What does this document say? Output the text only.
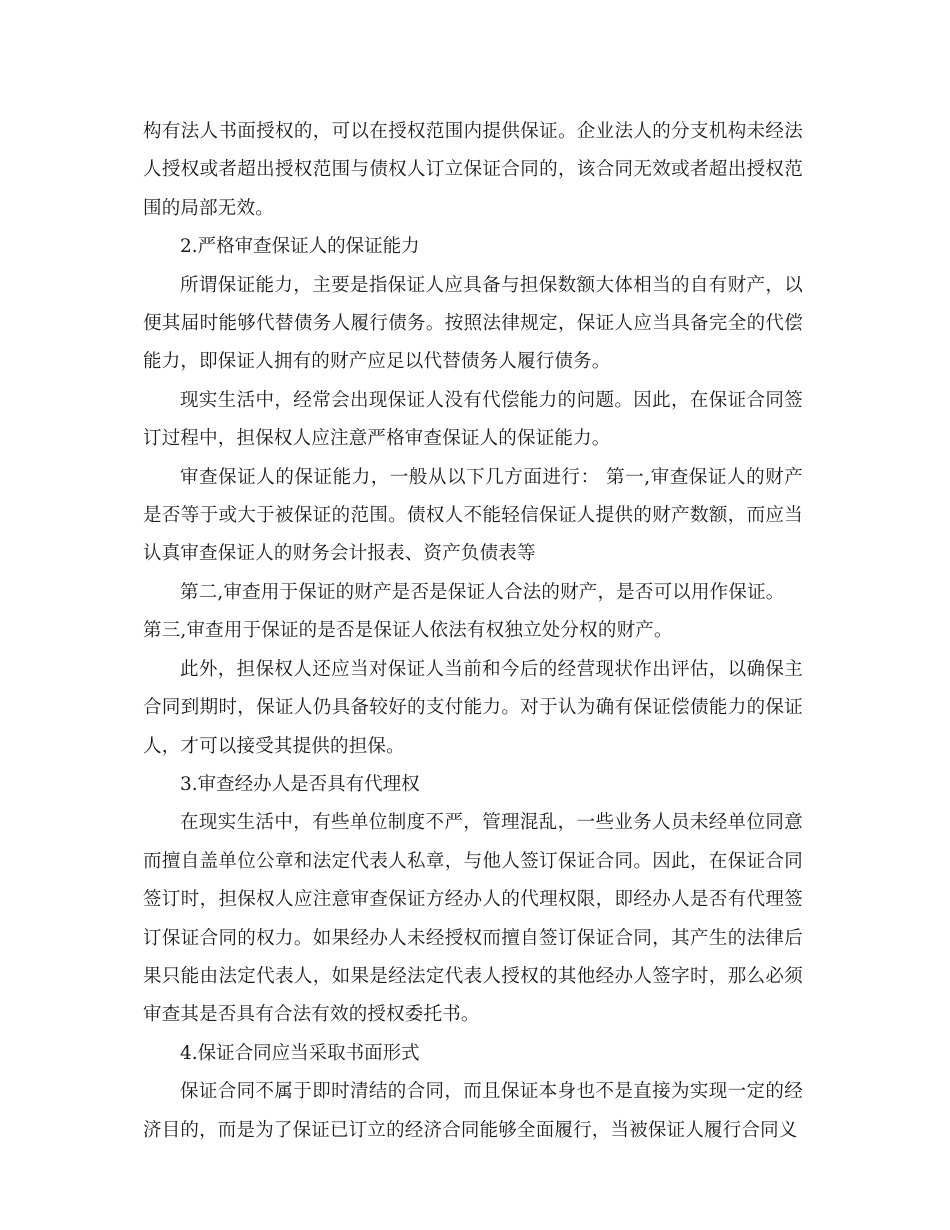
构有法人书面授权的，可以在授权范围内提供保证。企业法人的分支机构未经法人授权或者超出授权范围与债权人订立保证合同的，该合同无效或者超出授权范围的局部无效。

2.严格审查保证人的保证能力

所谓保证能力，主要是指保证人应具备与担保数额大体相当的自有财产，以便其届时能够代替债务人履行债务。按照法律规定，保证人应当具备完全的代偿能力，即保证人拥有的财产应足以代替债务人履行债务。

现实生活中，经常会出现保证人没有代偿能力的问题。因此，在保证合同签订过程中，担保权人应注意严格审查保证人的保证能力。

审查保证人的保证能力，一般从以下几方面进行： 第一,审查保证人的财产是否等于或大于被保证的范围。债权人不能轻信保证人提供的财产数额，而应当认真审查保证人的财务会计报表、资产负债表等

第二,审查用于保证的财产是否是保证人合法的财产，是否可以用作保证。

第三,审查用于保证的是否是保证人依法有权独立处分权的财产。

此外，担保权人还应当对保证人当前和今后的经营现状作出评估，以确保主合同到期时，保证人仍具备较好的支付能力。对于认为确有保证偿债能力的保证人，才可以接受其提供的担保。

3.审查经办人是否具有代理权

在现实生活中，有些单位制度不严，管理混乱，一些业务人员未经单位同意而擅自盖单位公章和法定代表人私章，与他人签订保证合同。因此，在保证合同签订时，担保权人应注意审查保证方经办人的代理权限，即经办人是否有代理签订保证合同的权力。如果经办人未经授权而擅自签订保证合同，其产生的法律后果只能由法定代表人，如果是经法定代表人授权的其他经办人签字时，那么必须审查其是否具有合法有效的授权委托书。

4.保证合同应当采取书面形式

保证合同不属于即时清结的合同，而且保证本身也不是直接为实现一定的经济目的，而是为了保证已订立的经济合同能够全面履行，当被保证人履行合同义
